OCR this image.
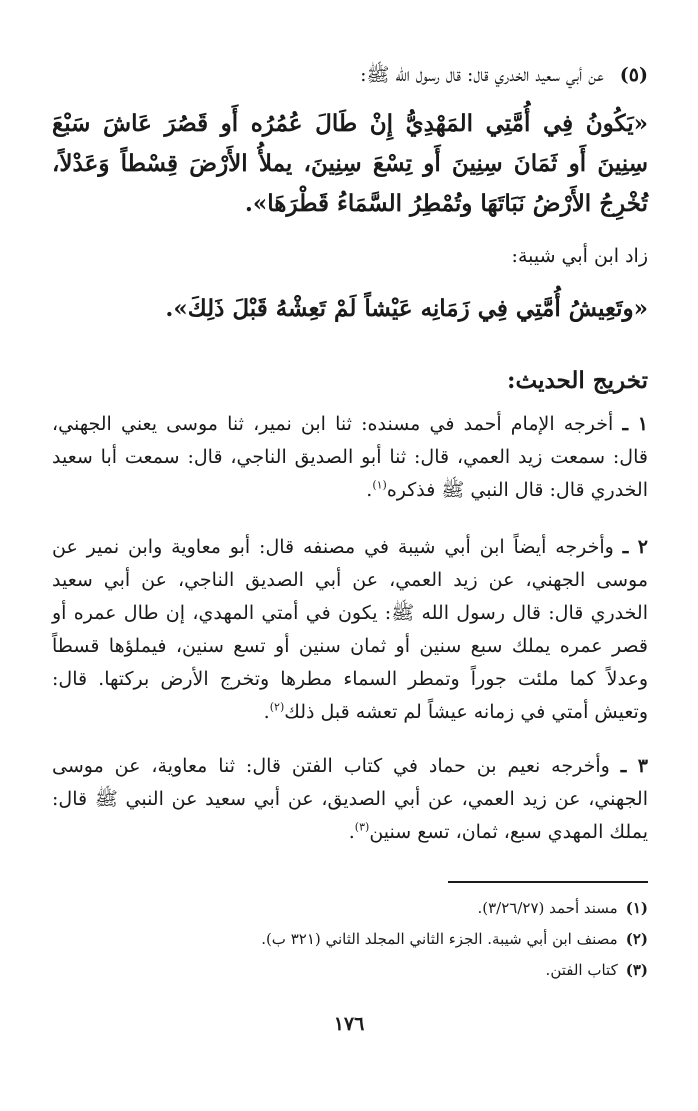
(٥)عن أبي سعيد الخدري قال: قال رسول الله ﷺ:
«يَكُونُ فِي أُمَّتِي المَهْدِيُّ إِنْ طَالَ عُمُرُه أَو قَصُرَ عَاشَ سَبْعَ سِنِينَ أَو ثَمَانَ سِنِينَ أَو تِسْعَ سِنِينَ، يملأُ الأَرْضَ قِسْطاً وَعَدْلاً، تُخْرِجُ الأَرْضُ نَبَاتَهَا وتُمْطِرُ السَّمَاءُ قَطْرَهَا».
زاد ابن أبي شيبة:
«وتَعِيشُ أُمَّتِي فِي زَمَانِه عَيْشاً لَمْ تَعِشْهُ قَبْلَ ذَلِكَ».
تخريج الحديث:
١ ـ أخرجه الإمام أحمد في مسنده: ثنا ابن نمير، ثنا موسى يعني الجهني، قال: سمعت زيد العمي، قال: ثنا أبو الصديق الناجي، قال: سمعت أبا سعيد الخدري قال: قال النبي ﷺ فذكره$^{(١)}$.
٢ ـ وأخرجه أيضاً ابن أبي شيبة في مصنفه قال: أبو معاوية وابن نمير عن موسى الجهني، عن زيد العمي، عن أبي الصديق الناجي، عن أبي سعيد الخدري قال: قال رسول الله ﷺ: يكون في أمتي المهدي، إن طال عمره أو قصر عمره يملك سبع سنين أو ثمان سنين أو تسع سنين، فيملؤها قسطاً وعدلاً كما ملئت جوراً وتمطر السماء مطرها وتخرج الأرض بركتها. قال: وتعيش أمتي في زمانه عيشاً لم تعشه قبل ذلك$^{(٢)}$.
٣ ـ وأخرجه نعيم بن حماد في كتاب الفتن قال: ثنا معاوية، عن موسى الجهني، عن زيد العمي، عن أبي الصديق، عن أبي سعيد عن النبي ﷺ قال: يملك المهدي سبع، ثمان، تسع سنين$^{(٣)}$.
(١)مسند أحمد (٣/٢٦/٢٧).
(٢)مصنف ابن أبي شيبة. الجزء الثاني المجلد الثاني (٣٢١ ب).
(٣)كتاب الفتن.
١٧٦
